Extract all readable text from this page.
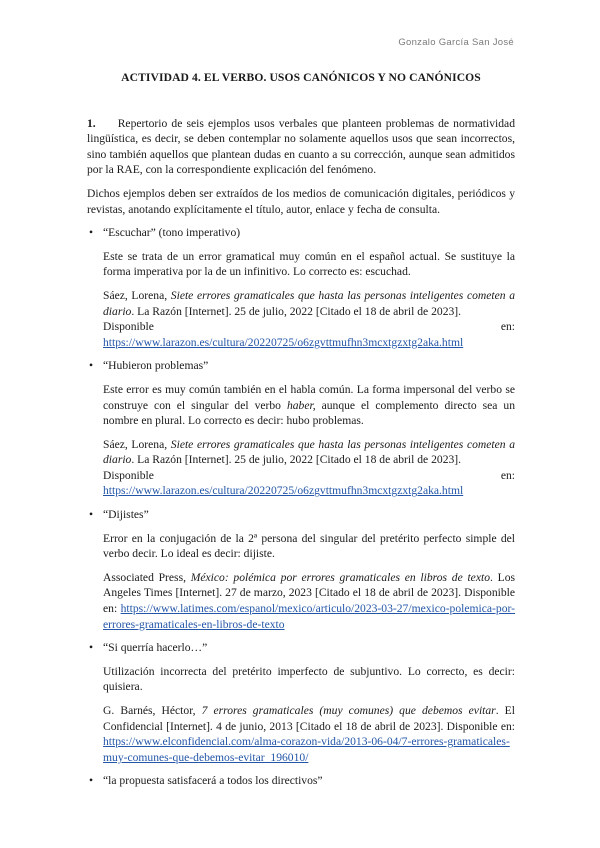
Gonzalo García San José
ACTIVIDAD 4. EL VERBO. USOS CANÓNICOS Y NO CANÓNICOS

1. Repertorio de seis ejemplos usos verbales que planteen problemas de normatividad lingüística, es decir, se deben contemplar no solamente aquellos usos que sean incorrectos, sino también aquellos que plantean dudas en cuanto a su corrección, aunque sean admitidos por la RAE, con la correspondiente explicación del fenómeno.

Dichos ejemplos deben ser extraídos de los medios de comunicación digitales, periódicos y revistas, anotando explícitamente el título, autor, enlace y fecha de consulta.

• “Escuchar” (tono imperativo)

Este se trata de un error gramatical muy común en el español actual. Se sustituye la forma imperativa por la de un infinitivo. Lo correcto es: escuchad.

Sáez, Lorena, Siete errores gramaticales que hasta las personas inteligentes cometen a diario. La Razón [Internet]. 25 de julio, 2022 [Citado el 18 de abril de 2023].

Disponible	en:

https://www.larazon.es/cultura/20220725/o6zgvttmufhn3mcxtgzxtg2aka.html

• “Hubieron problemas”

Este error es muy común también en el habla común. La forma impersonal del verbo se construye con el singular del verbo haber, aunque el complemento directo sea un nombre en plural. Lo correcto es decir: hubo problemas.

Sáez, Lorena, Siete errores gramaticales que hasta las personas inteligentes cometen a diario. La Razón [Internet]. 25 de julio, 2022 [Citado el 18 de abril de 2023].

Disponible	en:

https://www.larazon.es/cultura/20220725/o6zgvttmufhn3mcxtgzxtg2aka.html

• “Dijistes”

Error en la conjugación de la 2ª persona del singular del pretérito perfecto simple del verbo decir. Lo ideal es decir: dijiste.

Associated Press, México: polémica por errores gramaticales en libros de texto. Los Angeles Times [Internet]. 27 de marzo, 2023 [Citado el 18 de abril de 2023]. Disponible en: https://www.latimes.com/espanol/mexico/articulo/2023-03-27/mexico-polemica-por-errores-gramaticales-en-libros-de-texto

• “Si querría hacerlo…”

Utilización incorrecta del pretérito imperfecto de subjuntivo. Lo correcto, es decir: quisiera.

G. Barnés, Héctor, 7 errores gramaticales (muy comunes) que debemos evitar. El Confidencial [Internet]. 4 de junio, 2013 [Citado el 18 de abril de 2023]. Disponible en: https://www.elconfidencial.com/alma-corazon-vida/2013-06-04/7-errores-gramaticales-muy-comunes-que-debemos-evitar_196010/

• “la propuesta satisfacerá a todos los directivos”
